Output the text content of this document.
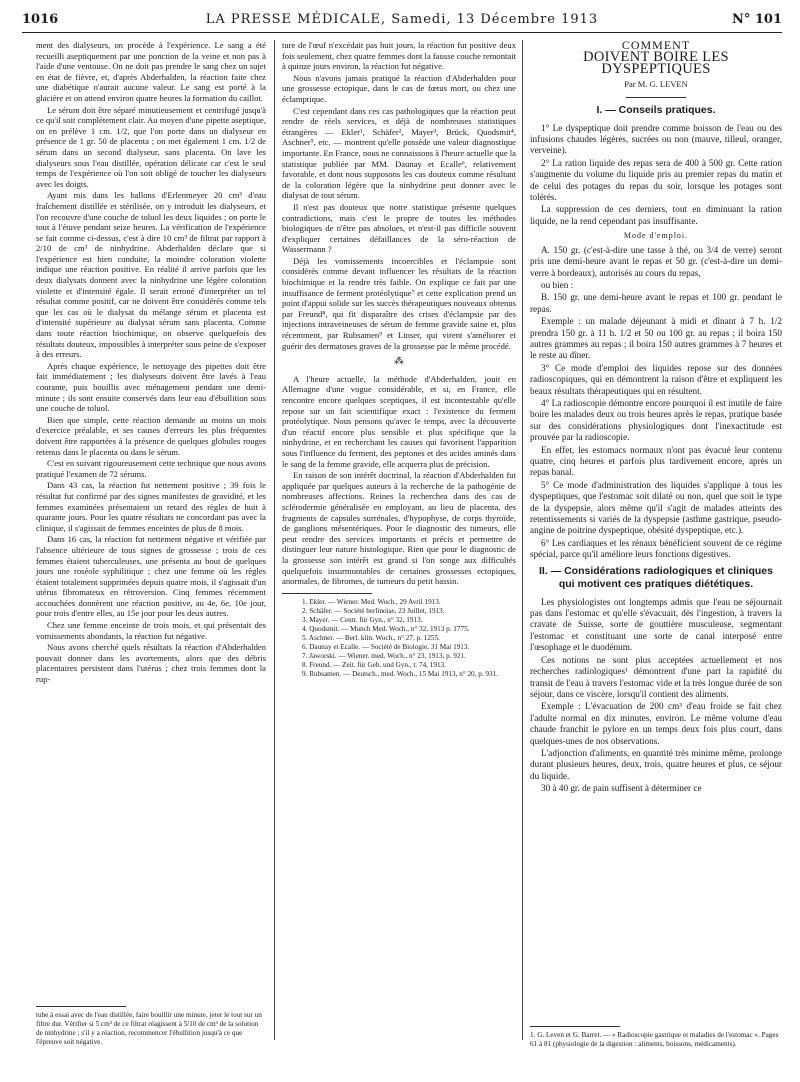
1016	LA PRESSE MÉDICALE, Samedi, 13 Décembre 1913	N° 101

ment des dialyseurs, on procède à l'expérience. Le sang a été recueilli aseptiquement par une ponction de la veine et non pas à l'aide d'une ventouse. On ne doit pas prendre le sang chez un sujet en état de fièvre, et, d'après Abderhalden, la réaction faite chez une diabétique n'aurait aucune valeur. Le sang est porté à la glacière et on attend environ quatre heures la formation du caillot.

Le sérum doit être séparé minutieusement et centrifugé jusqu'à ce qu'il soit complètement clair. Au moyen d'une pipette aseptique, on en prélève 1 cm. 1/2, que l'on porte dans un dialyseur en présence de 1 gr. 50 de placenta ; on met également 1 cm. 1/2 de sérum dans un second dialyseur, sans placenta. On lave les dialyseurs sous l'eau distillée, opération délicate car c'est le seul temps de l'expérience où l'on soit obligé de toucher les dialyseurs avec les doigts.

Ayant mis dans les ballons d'Erlenmeyer 20 cm³ d'eau fraîchement distillée et stérilisée, on y introduit les dialyseurs, et l'on recouvre d'une couche de toluol les deux liquides ; on porte le tout à l'étuve pendant seize heures. La vérification de l'expérience se fait comme ci-dessus, c'est à dire 10 cm³ de filtrat par rapport à 2/10 de cm³ de ninhydrine. Abderhalden déclare que si l'expérience est bien conduite, la moindre coloration violette indique une réaction positive. En réalité il arrive parfois que les deux dialysats donnent avec la ninhydrine une légère coloration violette et d'intensité égale. Il serait erroné d'interpréter un tel résultat comme positif, car ne doivent être considérés comme tels que les cas où le dialysat du mélange sérum et placenta est d'intensité supérieure au dialysat sérum sans placenta. Comme dans toute réaction biochimique, on observe quelquefois des résultats douteux, impossibles à interpréter sous peine de s'exposer à des erreurs.

Après chaque expérience, le nettoyage des pipettes doit être fait immédiatement ; les dialyseurs doivent être lavés à l'eau courante, puis bouillis avec ménagement pendant une demi-minute ; ils sont ensuite conservés dans leur eau d'ébullition sous une couche de toluol.

Bien que simple, cette réaction demande au moins un mois d'exercice préalable, et ses causes d'erreurs les plus fréquentes doivent être rapportées à la présence de quelques globules rouges retenus dans le placenta ou dans le sérum.

C'est en suivant rigoureusement cette technique que nous avons pratiqué l'examen de 72 sérums.

Dans 43 cas, la réaction fut nettement positive ; 39 fois le résultat fut confirmé par des signes manifestes de gravidité, et les femmes examinées présentaient un retard des règles de huit à quarante jours. Pour les quatre résultats ne concordant pas avec la clinique, il s'agissait de femmes enceintes de plus de 8 mois.

Dans 16 cas, la réaction fut nettement négative et vérifiée par l'absence ultérieure de tous signes de grossesse ; trois de ces femmes étaient tuberculeuses, une présenta au bout de quelques jours une roséole syphilitique ; chez une femme où les règles étaient totalement supprimées depuis quatre mois, il s'agissait d'un utérus fibromateux en rétroversion. Cinq femmes récemment accouchées donnèrent une réaction positive, au 4e, 6e, 10e jour, pour trois d'entre elles, au 15e jour pour les deux autres.

Chez une femme enceinte de trois mois, et qui présentait des vomissements abondants, la réaction fut négative.

Nous avons cherché quels résultats la réaction d'Abderhalden pouvait donner dans les avortements, alors que des débris placentaires persistent dans l'utérus ; chez trois femmes dont la rup-

tube à essai avec de l'eau distillée, faire bouillir une minute, jeter le tout sur un filtre dur. Vérifier si 5 cm³ de ce filtrat réagissent à 5/10 de cm³ de la solution de ninhydrine ; s'il y a réaction, recommencer l'ébullition jusqu'à ce que l'épreuve soit négative.

ture de l'œuf n'excédait pas huit jours, la réaction fut positive deux fois seulement, chez quatre femmes dont la fausse couche remontait à quinze jours environ, la réaction fut négative.

Nous n'avons jamais pratiqué la réaction d'Abderhalden pour une grossesse ectopique, dans le cas de fœtus mort, ou chez une éclamptique.

C'est cependant dans ces cas pathologiques que la réaction peut rendre de réels services, et déjà de nombreuses statistiques étrangères — Ekler¹, Schäfer², Mayer³, Brück, Quodsmit⁴, Aschner⁵, etc. — montrent qu'elle possède une valeur diagnostique importante. En France, nous ne connaissons à l'heure actuelle que la statistique publiée par MM. Daunay et Ecalle⁶, relativement favorable, et dont nous supposons les cas douteux comme résultant de la coloration légère que la ninhydrine peut donner avec le dialysat de tout sérum.

Il n'est pas douteux que notre statistique présente quelques contradictions, mais c'est le propre de toutes les méthodes biologiques de n'être pas absolues, et n'est-il pas difficile souvent d'expliquer certaines défaillances de la séro-réaction de Wassermann ?

Déjà les vomissements incoercibles et l'éclampsie sont considérés comme devant influencer les résultats de la réaction biochimique et la rendre très faible. On explique ce fait par une insuffisance de ferment protéolytique⁷ et cette explication prend un point d'appui solide sur les succès thérapeutiques nouveaux obtenus par Freund⁸, qui fit disparaître des crises d'éclampsie par des injections intraveineuses de sérum de femme gravide saine et, plus récemment, par Rubsamen⁹ et Linser, qui virent s'améliorer et guérir des dermatoses graves de la grossesse par le même procédé.

⁂

A l'heure actuelle, la méthode d'Abderhalden, jouit en Allemagne d'une vogue considérable, et si, en France, elle rencontre encore quelques sceptiques, il est incontestable qu'elle repose sur un fait scientifique exact : l'existence du ferment protéolytique. Nous pensons qu'avec le temps, avec la découverte d'un réactif encore plus sensible et plus spécifique que la ninhydrine, et en recherchant les causes qui favorisent l'apparition sous l'influence du ferment, des peptones et des acides aminés dans le sang de la femme gravide, elle acquerra plus de précision.

En raison de son intérêt doctrinal, la réaction d'Abderhalden fut appliquée par quelques auteurs à la recherche de la pathogénie de nombreuses affections. Reines la recherchea dans des cas de sclérodermie généralisée en employant, au lieu de placenta, des fragments de capsules surrénales, d'hypophyse, de corps thyroïde, de ganglions mésentériques. Pour le diagnostic des tumeurs, elle peut rendre des services importants et précis et permettre de distinguer leur nature histologique. Rien que pour le diagnostic de la grossesse son intérêt est grand si l'on songe aux difficultés quelquefois insurmontables de certaines grossesses ectopiques, anormales, de fibromes, de tumeurs du petit bassin.

1. Ekler. — Wiener. Med. Woch., 29 Avril 1913.
2. Schäfer. — Société berlinoise, 23 Juillet, 1913.
3. Mayer. — Centr. für Gyn., n° 32, 1913.
4. Quodsmit. — Munch Med. Woch., n° 32, 1913 p. 1775.
5. Aschner. — Berl. klin. Woch., n° 27, p. 1255.
6. Daunay et Ecalle. — Société de Biologie, 31 Mai 1913.
7. Jaworski. — Wiener. med. Woch., n° 23, 1913, p. 921.
8. Freund. — Zeit. für Geb. und Gyn., t. 74, 1913.
9. Rubsamen. — Deutsch., med. Woch., 15 Mai 1913, n° 20, p. 931.
COMMENT
DOIVENT BOIRE LES DYSPEPTIQUES
Par M. G. LEVEN
I. — Conseils pratiques.

1° Le dyspeptique doit prendre comme boisson de l'eau ou des infusions chaudes légères, sucrées ou non (mauve, tilleul, oranger, verveine).

2° La ration liquide des repas sera de 400 à 500 gr. Cette ration s'augmente du volume du liquide pris au premier repas du matin et de celui des potages du repas du soir, lorsque les potages sont tolérés.

La suppression de ces derniers, tout en diminuant la ration liquide, ne la rend cependant pas insuffisante.

Mode d'emploi.

A. 150 gr. (c'est-à-dire une tasse à thé, ou 3/4 de verre) seront pris une demi-heure avant le repas et 50 gr. (c'est-à-dire un demi-verre à bordeaux), autorisés au cours du repas,

ou bien :

B. 150 gr. une demi-heure avant le repas et 100 gr. pendant le repas.

Exemple : un malade déjeunant à midi et dînant à 7 h. 1/2 prendra 150 gr. à 11 h. 1/2 et 50 ou 100 gr. au repas ; il boira 150 autres grammes au repas ; il boira 150 autres grammes à 7 heures et le reste au dîner.

3° Ce mode d'emploi des liquides repose sur des données radioscopiques, qui en démontrent la raison d'être et expliquent les beaux résultats thérapeutiques qui en résultent.

4° La radioscopie démontre encore pourquoi il est inutile de faire boire les malades deux ou trois heures après le repas, pratique basée sur des considérations physiologiques dont l'inexactitude est prouvée par la radioscopie.

En effet, les estomacs normaux n'ont pas évacué leur contenu quatre, cinq heures et parfois plus tardivement encore, après un repas banal.

5° Ce mode d'administration des liquides s'applique à tous les dyspeptiques, que l'estomac soit dilaté ou non, quel que soit le type de la dyspepsie, alors même qu'il s'agit de malades atteints des retentissements si variés de la dyspepsie (asthme gastrique, pseudo-angine de poitrine dyspeptique, obésité dyspeptique, etc.).

6° Les cardiaques et les rénaux bénéficient souvent de ce régime spécial, parce qu'il améliore leurs fonctions digestives.

II. — Considérations radiologiques et cliniques qui motivent ces pratiques diététiques.

Les physiologistes ont longtemps admis que l'eau ne séjournait pas dans l'estomac et qu'elle s'évacuait, dès l'ingestion, à travers la cravate de Suisse, sorte de gouttière musculeuse, segmentant l'estomac et constituant une sorte de canal interposé entre l'œsophage et le duodénum.

Ces notions ne sont plus acceptées actuellement et nos recherches radiologiques¹ démontrent d'une part la rapidité du transit de l'eau à travers l'estomac vide et la très longue durée de son séjour, dans ce viscère, lorsqu'il contient des aliments.

Exemple : L'évacuation de 200 cm³ d'eau froide se fait chez l'adulte normal en dix minutes, environ. Le même volume d'eau chaude franchit le pylore en un temps deux fois plus court, dans quelques-unes de nos observations.

L'adjonction d'aliments, en quantité très minime même, prolonge durant plusieurs heures, deux, trois, quatre heures et plus, ce séjour du liquide.

30 à 40 gr. de pain suffisent à déterminer ce

1. G. Leven et G. Barret. — « Radioscopie gastrique et maladies de l'estomac ». Pages 61 à 81 (physiologie de la digestion : aliments, boissons, médicaments).
